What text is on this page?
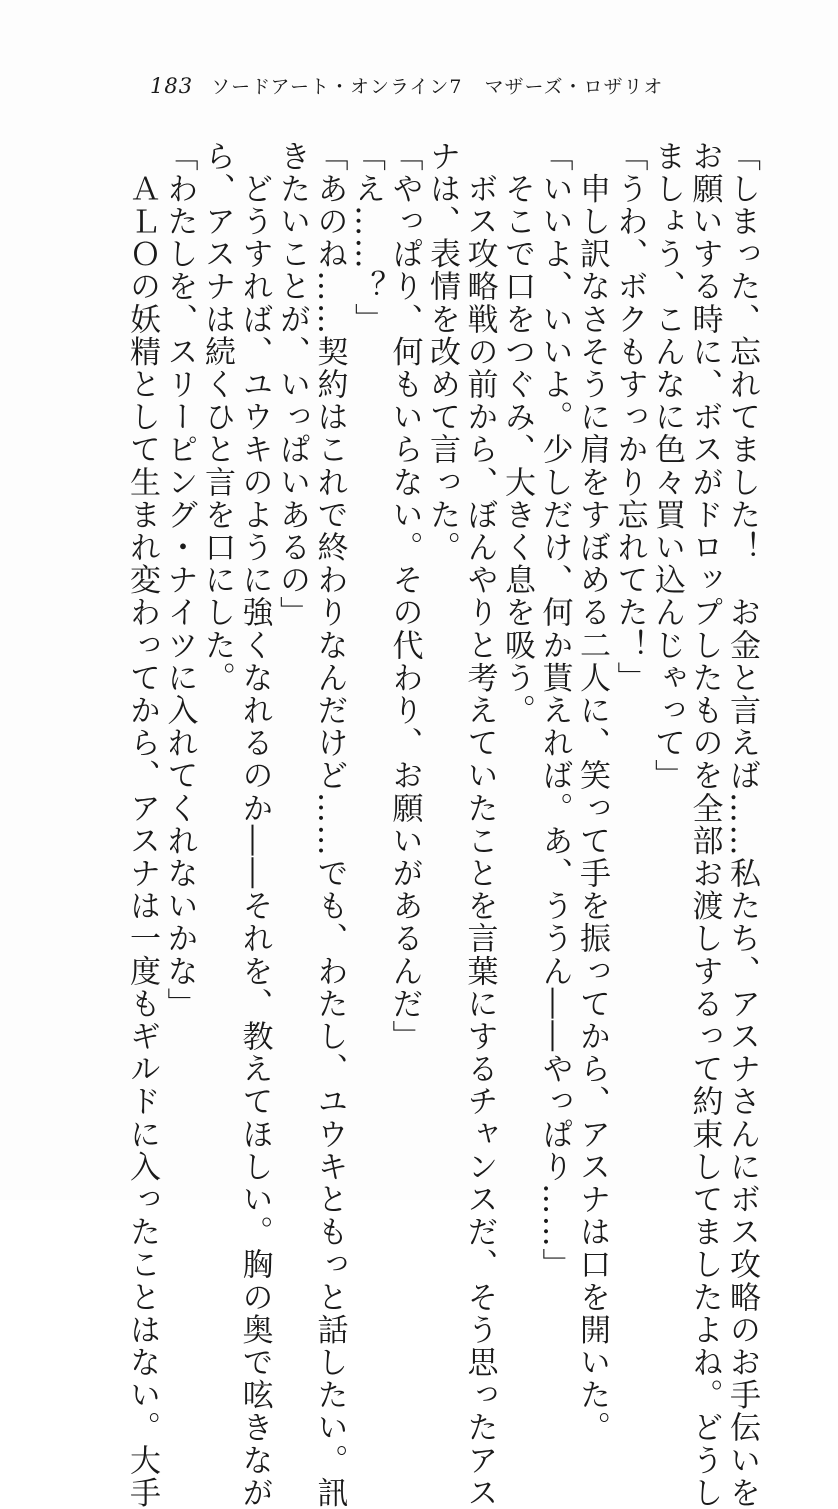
183 ソードアート・オンライン7 マザーズ・ロザリオ
「しまった、忘れてました！　お金と言えば……私たち、アスナさんにボス攻略のお手伝いを
お願いする時に、ボスがドロップしたものを全部お渡しするって約束してましたよね。どうし
ましょう、こんなに色々買い込んじゃって」
「うわ、ボクもすっかり忘れてた！」
　申し訳なさそうに肩をすぼめる二人に、笑って手を振ってから、アスナは口を開いた。
「いいよ、いいよ。少しだけ、何か貰えれば。あ、ううん――やっぱり……」
　そこで口をつぐみ、大きく息を吸う。
　ボス攻略戦の前から、ぼんやりと考えていたことを言葉にするチャンスだ、そう思ったアス
ナは、表情を改めて言った。
「やっぱり、何もいらない。その代わり、お願いがあるんだ」
「え……？」
「あのね……契約はこれで終わりなんだけど……でも、わたし、ユウキともっと話したい。訊
きたいことが、いっぱいあるの」
　どうすれば、ユウキのように強くなれるのか――それを、教えてほしい。胸の奥で呟きなが
ら、アスナは続くひと言を口にした。
「わたしを、スリーピング・ナイツに入れてくれないかな」
　ＡＬＯの妖精として生まれ変わってから、アスナは一度もギルドに入ったことはない。大手
